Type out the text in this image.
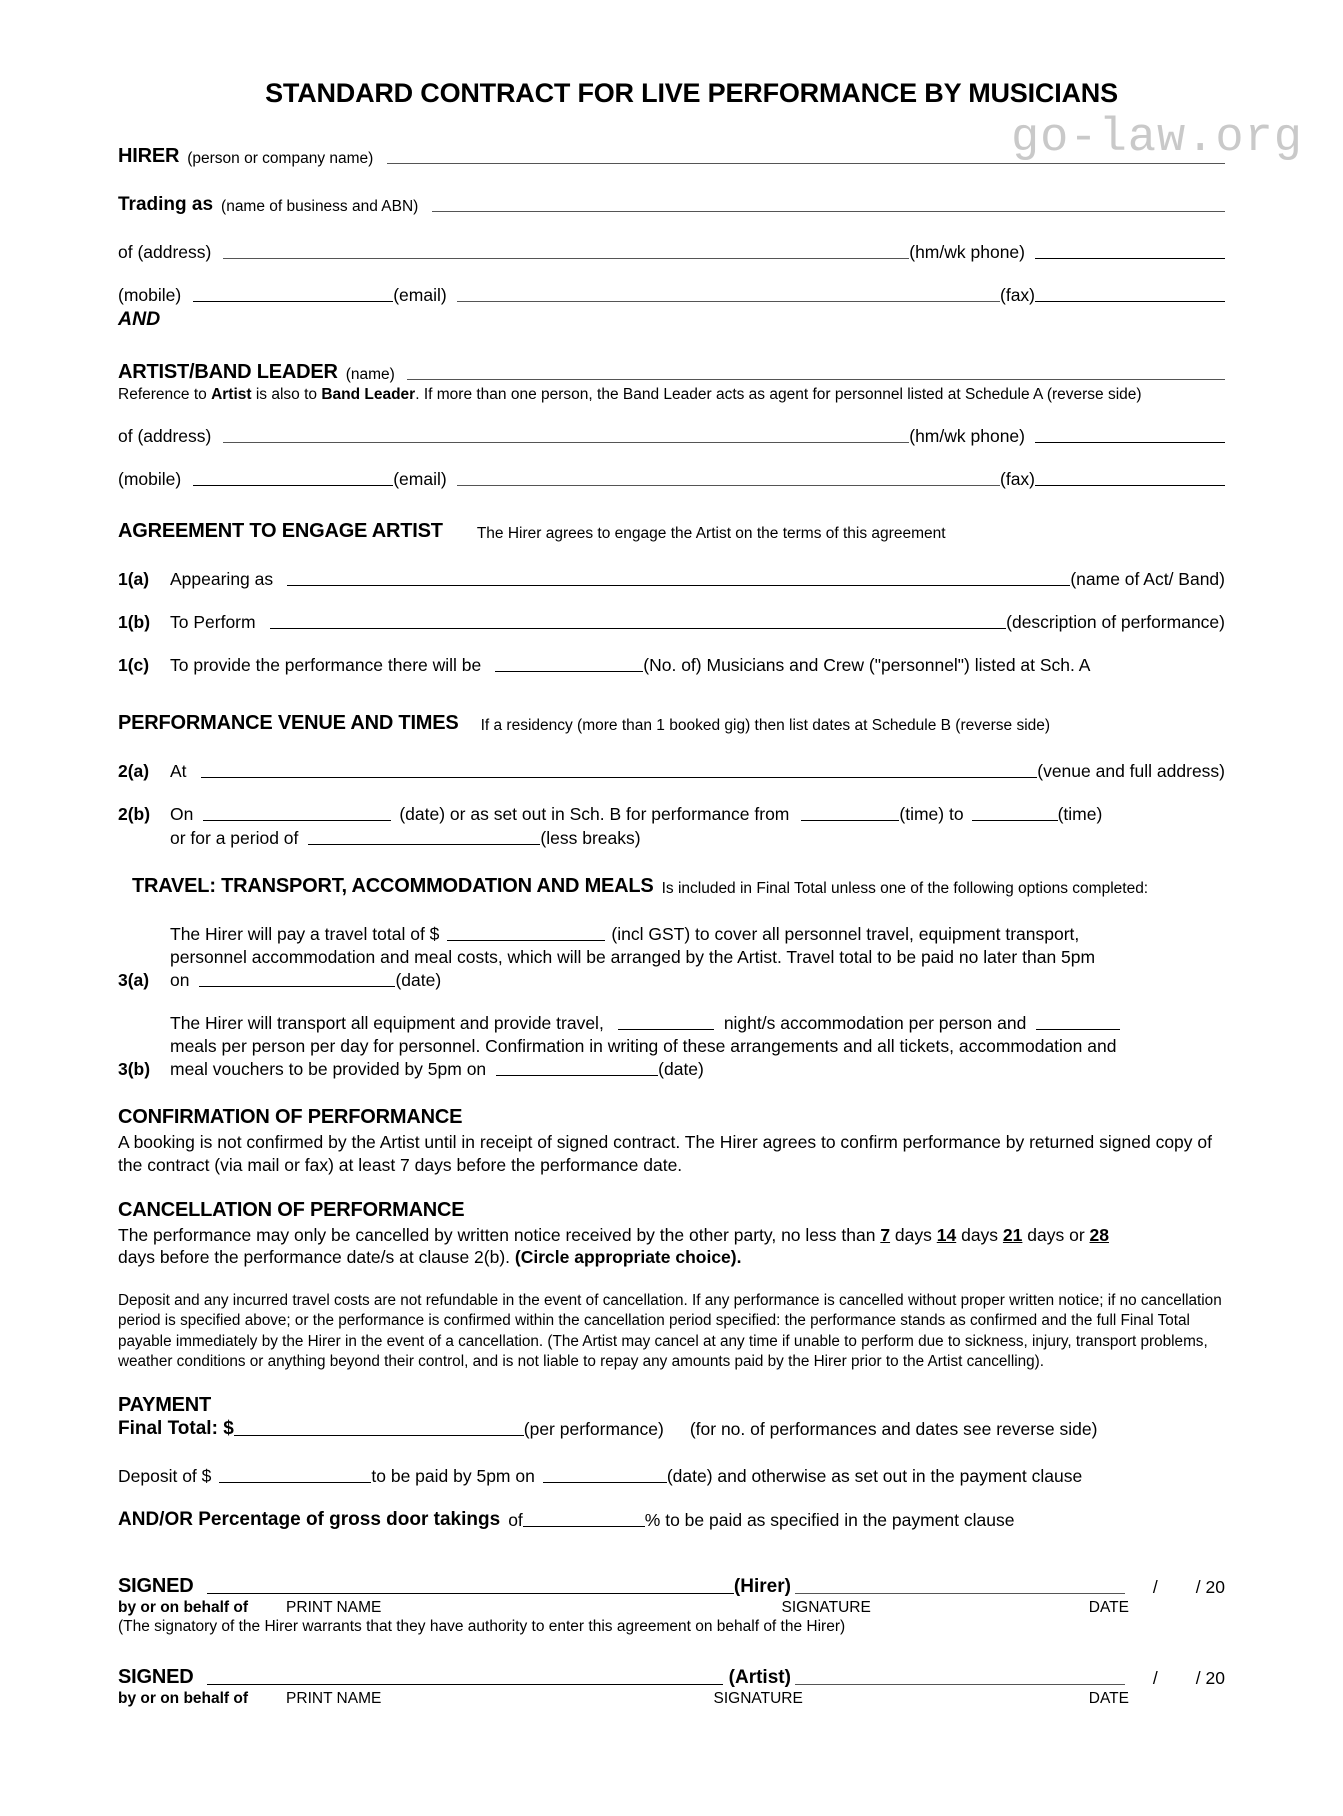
go-law.org
STANDARD CONTRACT FOR LIVE PERFORMANCE BY MUSICIANS
HIRER (person or company name)
Trading as (name of business and ABN)
of (address)	(hm/wk phone)
(mobile)	(email)	(fax)
AND
ARTIST/BAND LEADER (name)
Reference to Artist is also to Band Leader. If more than one person, the Band Leader acts as agent for personnel listed at Schedule A (reverse side)
of (address)	(hm/wk phone)
(mobile)	(email)	(fax)
AGREEMENT TO ENGAGE ARTIST The Hirer agrees to engage the Artist on the terms of this agreement
1(a)	Appearing as	(name of Act/ Band)
1(b)	To Perform	(description of performance)
1(c)	To provide the performance there will be	(No. of) Musicians and Crew ("personnel") listed at Sch. A
PERFORMANCE VENUE AND TIMES If a residency (more than 1 booked gig) then list dates at Schedule B (reverse side)
2(a)	At	(venue and full address)
2(b)	On	(date) or as set out in Sch. B for performance from	(time) to	(time)
or for a period of	(less breaks)
TRAVEL: TRANSPORT, ACCOMMODATION AND MEALS Is included in Final Total unless one of the following options completed:
3(a)
The Hirer will pay a travel total of $	(incl GST) to cover all personnel travel, equipment transport,
personnel accommodation and meal costs, which will be arranged by the Artist. Travel total to be paid no later than 5pm
on	(date)
3(b)
The Hirer will transport all equipment and provide travel,	night/s accommodation per person and
meals per person per day for personnel. Confirmation in writing of these arrangements and all tickets, accommodation and
meal vouchers to be provided by 5pm on	(date)
CONFIRMATION OF PERFORMANCE
A booking is not confirmed by the Artist until in receipt of signed contract. The Hirer agrees to confirm performance by returned signed copy of the contract (via mail or fax) at least 7 days before the performance date.
CANCELLATION OF PERFORMANCE
The performance may only be cancelled by written notice received by the other party, no less than 7 days 14 days 21 days or 28
days before the performance date/s at clause 2(b). (Circle appropriate choice).
Deposit and any incurred travel costs are not refundable in the event of cancellation. If any performance is cancelled without proper written notice; if no cancellation period is specified above; or the performance is confirmed within the cancellation period specified: the performance stands as confirmed and the full Final Total payable immediately by the Hirer in the event of a cancellation. (The Artist may cancel at any time if unable to perform due to sickness, injury, transport problems, weather conditions or anything beyond their control, and is not liable to repay any amounts paid by the Hirer prior to the Artist cancelling).
PAYMENT
Final Total: $	(per performance) (for no. of performances and dates see reverse side)
Deposit of $	to be paid by 5pm on	(date) and otherwise as set out in the payment clause
AND/OR Percentage of gross door takings of	% to be paid as specified in the payment clause
SIGNED	(Hirer)	/ / 20
by or on behalf of PRINT NAME	SIGNATURE	DATE
(The signatory of the Hirer warrants that they have authority to enter this agreement on behalf of the Hirer)
SIGNED	(Artist)	/ / 20
by or on behalf of PRINT NAME	SIGNATURE	DATE
